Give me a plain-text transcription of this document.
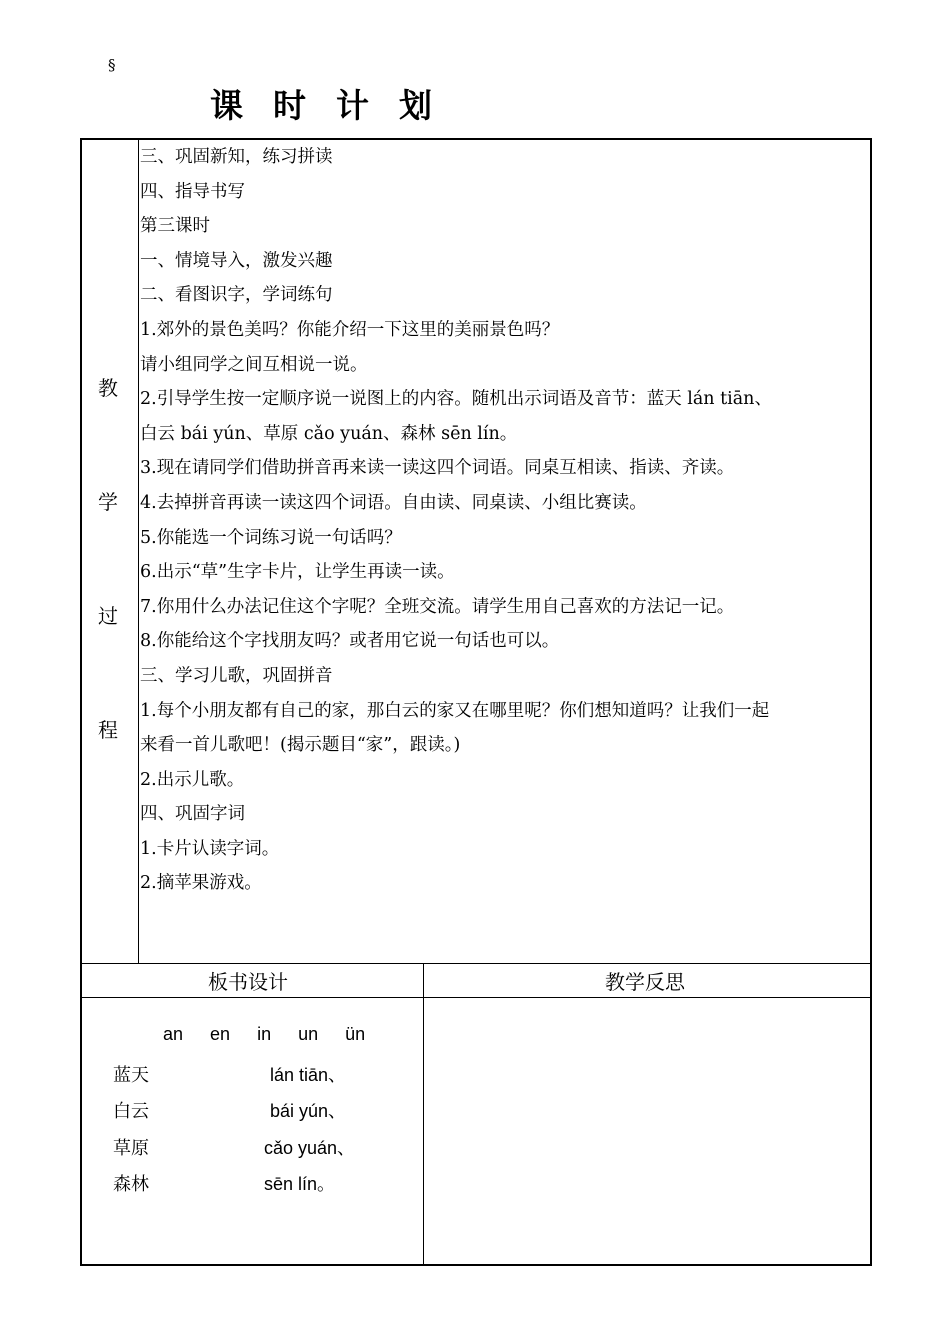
§
课时计划
教
学
过
程
三、巩固新知，练习拼读
四、指导书写
第三课时
一、情境导入，激发兴趣
二、看图识字，学词练句
1.郊外的景色美吗？你能介绍一下这里的美丽景色吗？
请小组同学之间互相说一说。
2.引导学生按一定顺序说一说图上的内容。随机出示词语及音节：蓝天 lán tiān、
白云 bái yún、草原 cǎo yuán、森林 sēn lín。
3.现在请同学们借助拼音再来读一读这四个词语。同桌互相读、指读、齐读。
4.去掉拼音再读一读这四个词语。自由读、同桌读、小组比赛读。
5.你能选一个词练习说一句话吗？
6.出示“草”生字卡片，让学生再读一读。
7.你用什么办法记住这个字呢？全班交流。请学生用自己喜欢的方法记一记。
8.你能给这个字找朋友吗？或者用它说一句话也可以。
三、学习儿歌，巩固拼音
1.每个小朋友都有自己的家，那白云的家又在哪里呢？你们想知道吗？让我们一起
来看一首儿歌吧！(揭示题目“家”，跟读。)
2.出示儿歌。
四、巩固字词
1.卡片认读字词。
2.摘苹果游戏。
板书设计	教学反思
an en in un ün
蓝天	lán tiān、
白云	bái yún、
草原	cǎo yuán、
森林	sēn lín。
